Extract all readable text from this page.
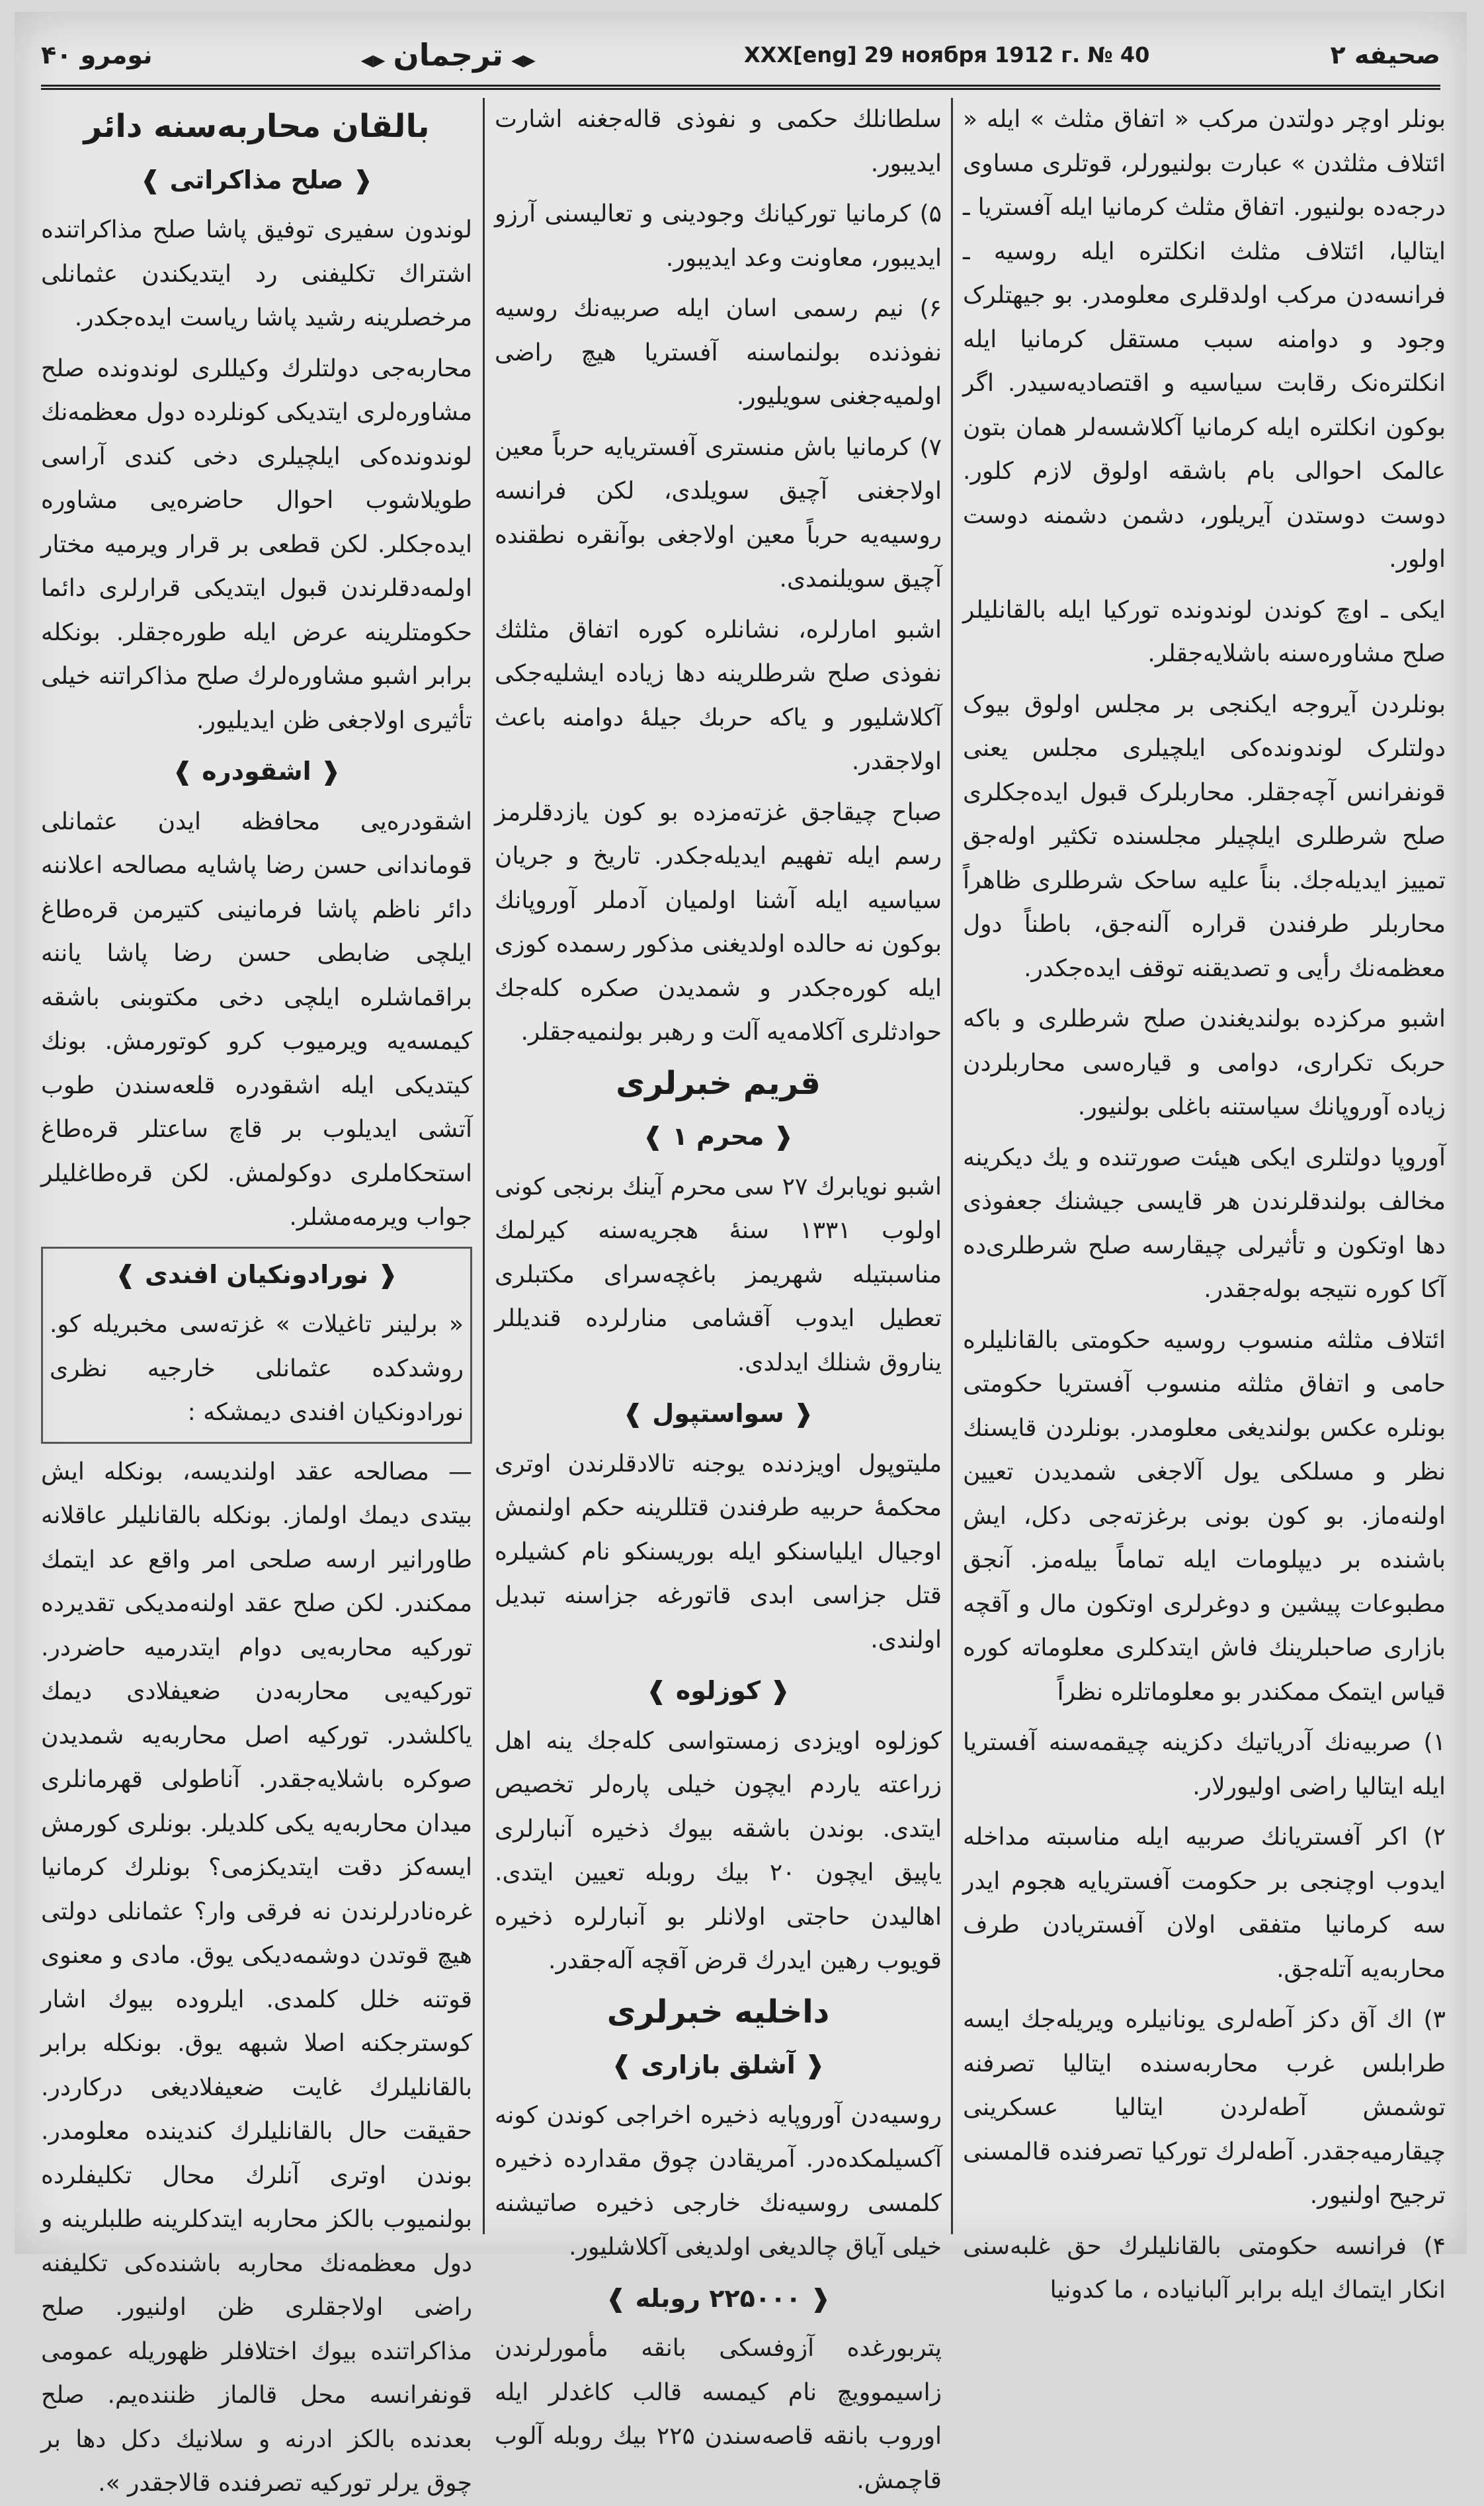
نومرو ۴۰
◀▶	ترجمان ◀▶	XXX[eng] 29 ноября 1912 г. № 40	صحیفه ۲

بونلر اوچر دولتدن مرکب « اتفاق مثلث » ایله « ائتلاف مثلثدن » عبارت بولنیورلر، قوتلری مساوی درجه‌ده بولنیور. اتفاق مثلث کرمانیا ایله آفستریا ـ ایتالیا، ائتلاف مثلث انکلتره ایله روسیه ـ فرانسه‌دن مرکب اولدقلری معلومدر. بو جیهتلرک وجود و دوامنه سبب مستقل کرمانیا ایله انکلتره‌نک رقابت سیاسیه و اقتصادیه‌سیدر. اگر بوکون انکلتره ایله کرمانیا آکلاشسه‌لر همان بتون عالمک احوالی بام باشقه اولوق لازم کلور. دوست دوستدن آیریلور، دشمن دشمنه دوست اولور.

ایکی ـ اوچ کوندن لوندونده توركیا ایله بالقانلیلر صلح مشاوره‌سنه باشلایه‌جقلر.

بونلردن آیروجه ایکنجی بر مجلس اولوق بیوک دولتلرک لوندونده‌کی ایلچیلری مجلس یعنی قونفرانس آچه‌جقلر. محاربلرک قبول ایده‌جکلری صلح شرطلری ایلچیلر مجلسنده تکثیر اوله‌جق تمییز ایدیله‌جك. بناً علیه ساحک شرطلری ظاهراً محاربلر طرفندن قراره آلنه‌جق، باطناً دول معظمه‌نك رأیی و تصدیقنه توقف ایده‌جکدر.

اشبو مرکزده بولندیغندن صلح شرطلری و باکه حربک تکراری، دوامی و قیاره‌سی محاربلردن زیاده آوروپانك سیاستنه باغلی بولنیور.

آوروپا دولتلری ایکی هیئت صورتنده و یك دیکرینه مخالف بولندقلرندن هر قایسی جیشنك جعفوذی دها اوتکون و تأثیرلی چیقارسه صلح شرطلری‌ده آکا کوره نتیجه بوله‌جقدر.

ائتلاف مثلثه منسوب روسیه حکومتی بالقانلیلره حامی و اتفاق مثلثه منسوب آفستریا حکومتی بونلره عکس بولندیغی معلومدر. بونلردن قایسنك نظر و مسلکی یول آلاجغی شمدیدن تعیین اولنه‌ماز. بو کون بونی برغزته‌جی دکل، ایش باشنده بر دیپلومات ایله تماماً بیله‌مز. آنجق مطبوعات پیشین و دوغرلری اوتکون مال و آقچه بازاری صاحبلرینك فاش ایتدکلری معلوماته کوره قیاس ایتمک ممکندر بو معلوماتلره نظراً

۱) صربیه‌نك آدریاتیك دکزینه چیقمه‌سنه آفستریا ایله ایتالیا راضی اولیورلار.

۲) اکر آفستریانك صربیه ایله مناسبته مداخله ایدوب اوچنجی بر حکومت آفستریایه هجوم ایدر سه کرمانیا متفقی اولان آفستریادن طرف محاربه‌یه آتله‌جق.

۳) اك آق دکز آطه‌لری یونانیلره ویریله‌جك ایسه طرابلس غرب محاربه‌سنده ایتالیا تصرفنه توشمش آطه‌لردن ایتالیا عسکرینی چیقارمیه‌جقدر. آطه‌لرك توركیا تصرفنده قالمسنی ترجیح اولنیور.

۴) فرانسه حکومتی بالقانلیلرك حق غلبه‌سنی انکار ایتماك ایله برابر آلبانیاده ، ما کدونیا

سلطانلك حکمی و نفوذی قاله‌جغنه اشارت ایدیبور.

۵) کرمانیا تورکیانك وجودینی و تعالیسنی آرزو ایدیبور، معاونت وعد ایدیبور.

۶) نیم رسمی اسان ایله صربیه‌نك روسیه نفوذنده بولنماسنه آفستریا هیچ راضی اولمیه‌جغنی سویلیور.

۷) کرمانیا باش منستری آفستریایه حرباً معین اولاجغنی آچیق سویلدی، لکن فرانسه روسیه‌یه حرباً معین اولاجغی بوآنقره نطقنده آچیق سویلنمدی.

اشبو امارلره، نشانلره کوره اتفاق مثلثك نفوذی صلح شرطلرینه دها زیاده ایشلیه‌جکی آکلاشلیور و یاکه حربك جیلهٔ دوامنه باعث اولاجقدر.

صباح چیقاجق غزته‌مزده بو کون یازدقلرمز رسم ایله تفهیم ایدیله‌جکدر. تاریخ و جریان سیاسیه ایله آشنا اولمیان آدملر آوروپانك بوکون نه حالده اولدیغنی مذکور رسمده کوزی ایله کوره‌جکدر و شمدیدن صکره کله‌جك حوادثلری آکلامه‌یه آلت و رهبر بولنمیه‌جقلر.

قریم خبرلری
❰ محرم ۱ ❱

اشبو نویابرك ۲۷ سی محرم آینك برنجی کونی اولوب ۱۳۳۱ سنهٔ هجریه‌سنه کیرلمك مناسبتیله شهریمز باغچه‌سرای مکتبلری تعطیل ایدوب آقشامی منارلرده قندیللر یناروق شنلك ایدلدی.

❰ سواستپول ❱

ملیتوپول اویزدنده یوجنه تالادقلرندن اوتری محکمهٔ حربیه طرفندن قتللرینه حکم اولنمش اوجیال ایلیاسنکو ایله بوریسنکو نام کشیلره قتل جزاسی ابدی قاتورغه جزاسنه تبدیل اولندی.

❰ کوزلوه ❱

کوزلوه اویزدی زمستواسی کله‌جك ینه اهل زراعته یاردم ایچون خیلی پاره‌لر تخصیص ایتدی. بوندن باشقه بیوك ذخیره آنبارلری یاپیق ایچون ۲۰ بیك روبله تعیین ایتدی. اهالیدن حاجتی اولانلر بو آنبارلره ذخیره قویوب رهین ایدرك قرض آقچه آله‌جقدر.

داخلیه خبرلری
❰ آشلق بازاری ❱

روسیه‌دن آوروپایه ذخیره اخراجی کوندن کونه آکسیلمکده‌در. آمریقادن چوق مقدارده ذخیره کلمسی روسیه‌نك خارجی ذخیره صاتیشنه خیلی آیاق چالدیغی اولدیغی آکلاشلیور.

❰ ۲۲۵۰۰۰ روبله ❱

پتربورغده آزوفسکی بانقه مأمورلرندن زاسیموویچ نام کیمسه قالب کاغدلر ایله اوروب بانقه قاصه‌سندن ۲۲۵ بیك روبله آلوب قاچمش.

بالقان محاربه‌سنه دائر
❰ صلح مذاکراتی ❱

لوندون سفیری توفیق پاشا صلح مذاکراتنده اشتراك تکلیفنی رد ایتدیکندن عثمانلی مرخصلرینه رشید پاشا ریاست ایده‌جکدر.

محاربه‌جی دولتلرك وکیللری لوندونده صلح مشاوره‌لری ایتدیکی کونلرده دول معظمه‌نك لوندونده‌کی ایلچیلری دخی کندی آراسی طویلاشوب احوال حاضره‌یی مشاوره ایده‌جکلر. لکن قطعی بر قرار ویرمیه مختار اولمه‌دقلرندن قبول ایتدیکی قرارلری دائما حکومتلرینه عرض ایله طوره‌جقلر. بونکله برابر اشبو مشاوره‌لرك صلح مذاکراتنه خیلی تأثیری اولاجغی ظن ایدیلیور.

❰ اشقودره ❱

اشقودره‌یی محافظه ایدن عثمانلی قوماندانی حسن رضا پاشایه مصالحه اعلاننه دائر ناظم پاشا فرمانینی کتیرمن قره‌طاغ ایلچی ضابطی حسن رضا پاشا یاننه براقماشلره ایلچی دخی مکتوبنی باشقه کیمسه‌یه ویرمیوب کرو کوتورمش. بونك کیتدیکی ایله اشقودره قلعه‌سندن طوب آتشی ایدیلوب بر قاچ ساعتلر قره‌طاغ استحکاملری دوکولمش. لکن قره‌طاغلیلر جواب ویرمه‌مشلر.

❰ نورادونکیان افندی ❱

« برلینر تاغیلات » غزته‌سی مخبریله کو. روشدکده عثمانلی خارجیه نظری نورادونکیان افندی دیمشکه :

— مصالحه عقد اولندیسه، بونکله ایش بیتدی دیمك اولماز. بونکله بالقانلیلر عاقلانه طاورانیر ارسه صلحی امر واقع عد ایتمك ممکندر. لکن صلح عقد اولنه‌مدیکی تقدیرده تورکیه محاربه‌یی دوام ایتدرمیه حاضردر. تورکیه‌یی محاربه‌دن ضعیفلادی دیمك یاکلشدر. تورکیه اصل محاربه‌یه شمدیدن صوکره باشلایه‌جقدر. آناطولی قهرمانلری میدان محاربه‌یه یکی کلدیلر. بونلری کورمش ایسه‌کز دقت ایتدیکزمی؟ بونلرك کرمانیا غره‌نادرلرندن نه فرقی وار؟ عثمانلی دولتی هیچ قوتدن دوشمه‌دیکی یوق. مادی و معنوی قوتنه خلل کلمدی. ایلروده بیوك اشار کوسترجکنه اصلا شبهه یوق. بونکله برابر بالقانلیلرك غایت ضعیفلادیغی درکاردر. حقیقت حال بالقانلیلرك کندینده معلومدر. بوندن اوتری آنلرك محال تکلیفلرده بولنمیوب بالکز محاربه ایتدکلرینه طلبلرینه و دول معظمه‌نك محاربه باشنده‌کی تکلیفنه راضی اولاجقلری ظن اولنیور. صلح مذاکراتنده بیوك اختلافلر ظهوریله عمومی قونفرانسه محل قالماز ظننده‌یم. صلح بعدنده بالکز ادرنه و سلانیك دکل دها بر چوق یرلر تورکیه تصرفنده قالاجقدر ».
